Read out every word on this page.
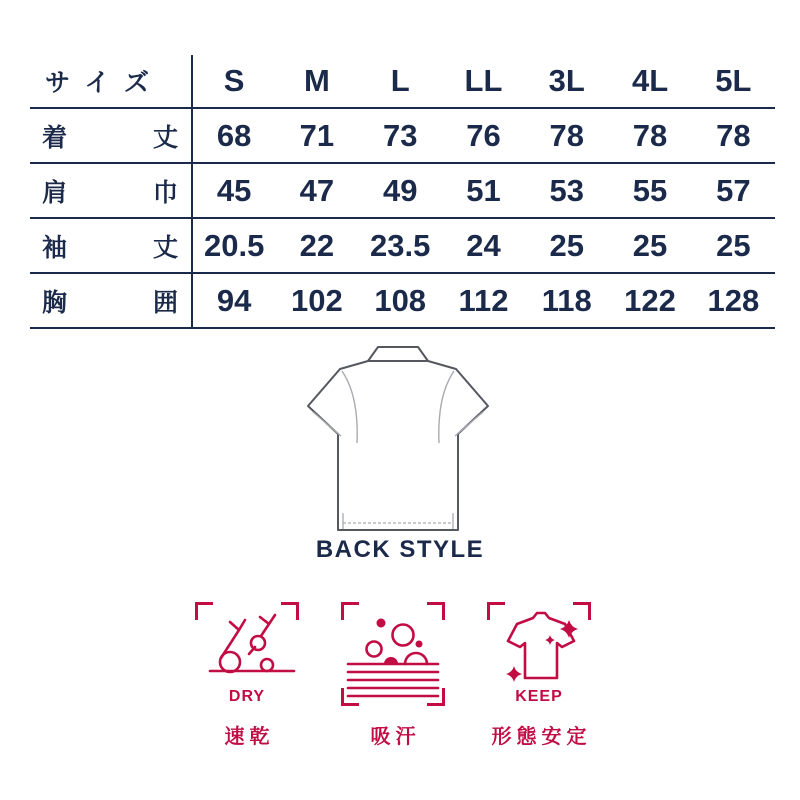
サ イ ズ	S	M	L	LL	3L	4L	5L

着 丈	68	71	73	76	78	78	78

肩 巾	45	47	49	51	53	55	57

袖 丈	20.5	22	23.5	24	25	25	25

胸 囲	94	102	108	112	118	122	128
BACK STYLE
DRY
速乾	吸汗
KEEP
形態安定
